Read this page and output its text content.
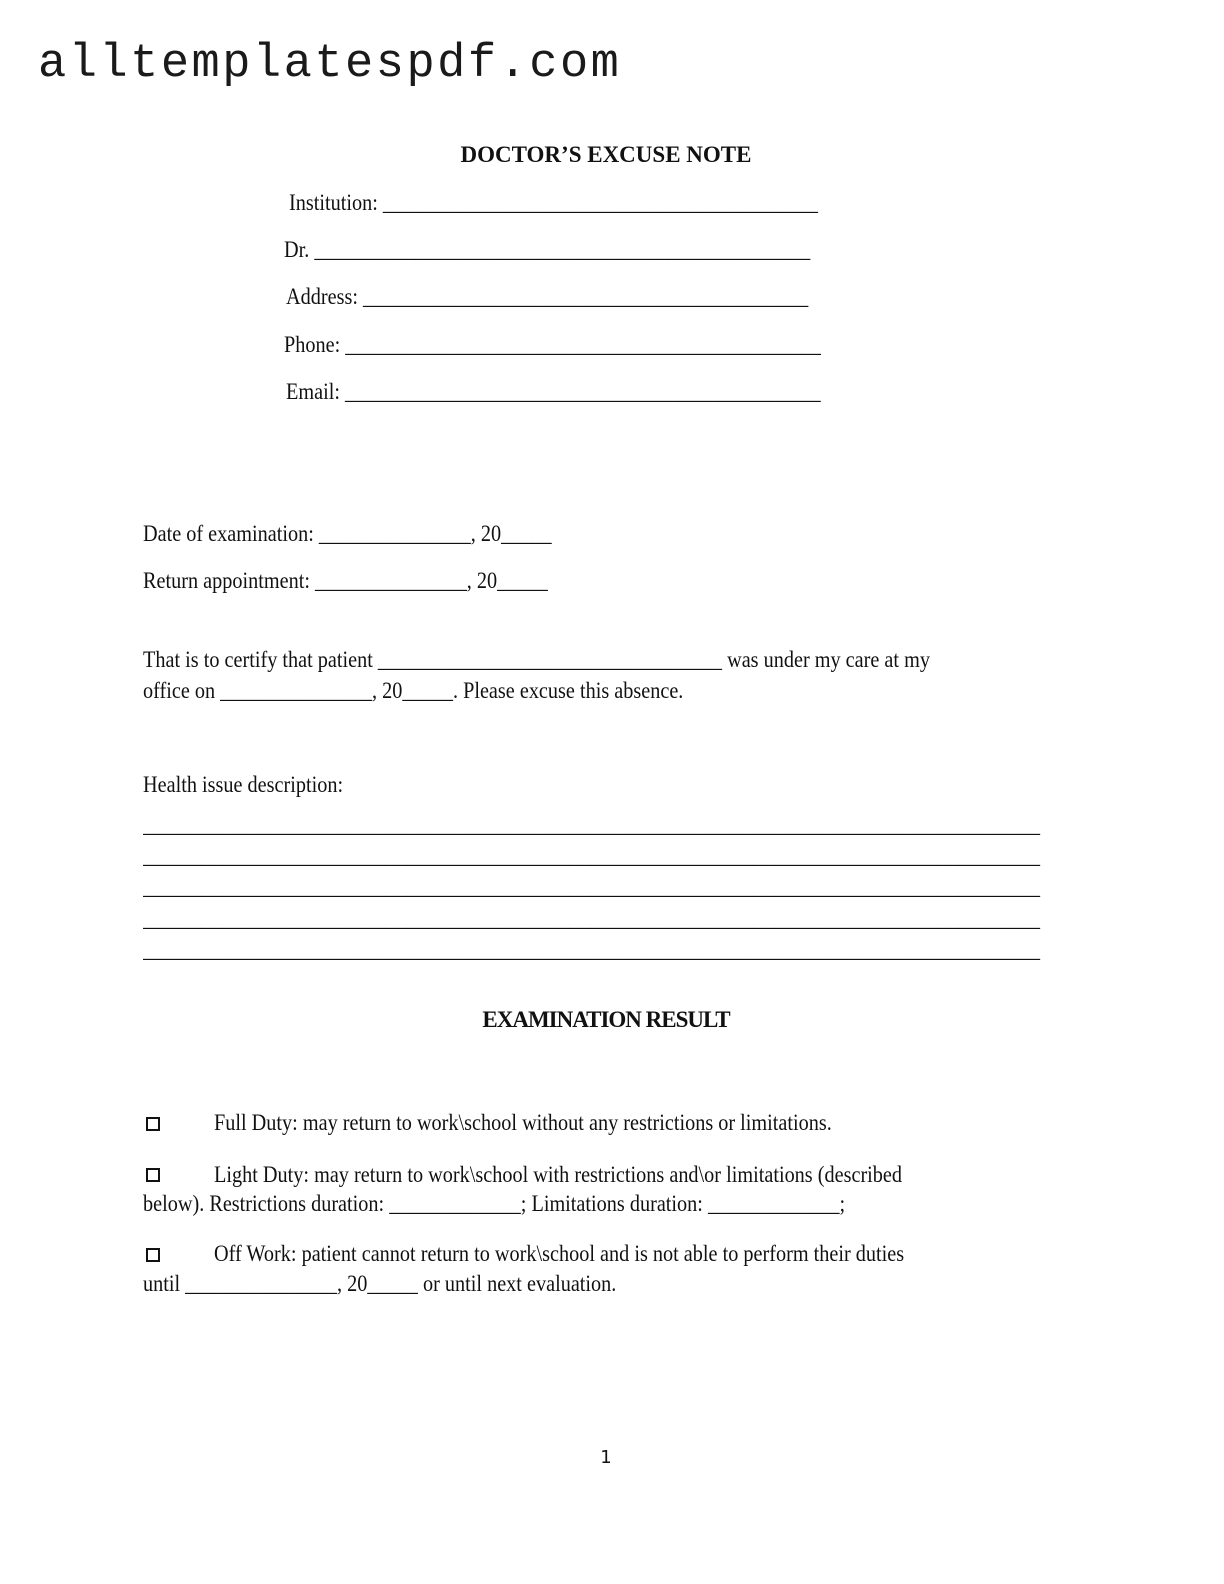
alltemplatespdf.com
DOCTOR’S EXCUSE NOTE
Institution: ___________________________________________
Dr. _________________________________________________
Address: ____________________________________________
Phone: _______________________________________________
Email: _______________________________________________
Date of examination: _______________, 20_____
Return appointment: _______________, 20_____
That is to certify that patient __________________________________ was under my care at my
office on _______________, 20_____. Please excuse this absence.
Health issue description:
______________________________________________________________________________
______________________________________________________________________________
______________________________________________________________________________
______________________________________________________________________________
______________________________________________________________________________
EXAMINATION RESULT
Full Duty: may return to work\school without any restrictions or limitations.
Light Duty: may return to work\school with restrictions and\or limitations (described
below). Restrictions duration: _____________; Limitations duration: _____________;
Off Work: patient cannot return to work\school and is not able to perform their duties
until _______________, 20_____ or until next evaluation.
1
